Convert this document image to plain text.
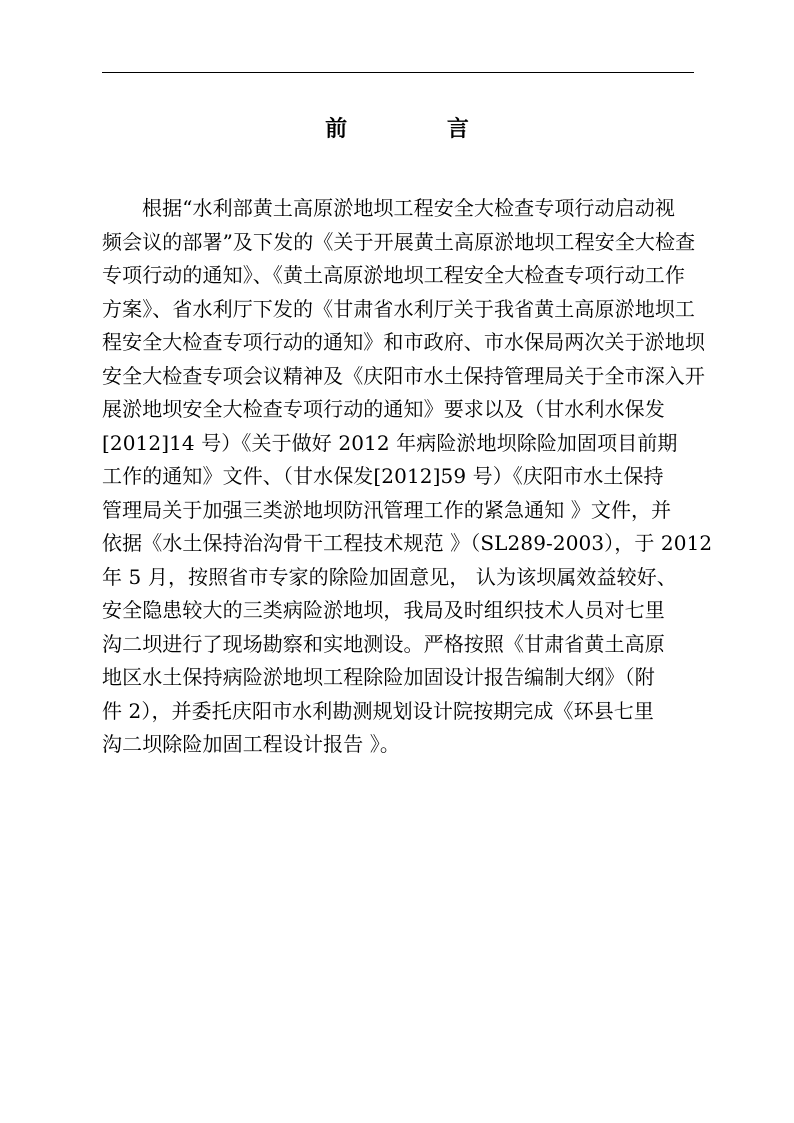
前 言
根据“水利部黄土高原淤地坝工程安全大检查专项行动启动视
频会议的部署”及下发的《关于开展黄土高原淤地坝工程安全大检查
专项行动的通知》、《黄土高原淤地坝工程安全大检查专项行动工作
方案》、省水利厅下发的《甘肃省水利厅关于我省黄土高原淤地坝工
程安全大检查专项行动的通知》和市政府、市水保局两次关于淤地坝
安全大检查专项会议精神及《庆阳市水土保持管理局关于全市深入开
展淤地坝安全大检查专项行动的通知》要求以及（甘水利水保发
[2012]14 号）《关于做好 2012 年病险淤地坝除险加固项目前期
工作的通知》文件、（甘水保发[2012]59 号）《庆阳市水土保持
管理局关于加强三类淤地坝防汛管理工作的紧急通知 》文件，并
依据《水土保持治沟骨干工程技术规范 》（SL289-2003），于 2012
年 5 月，按照省市专家的除险加固意见， 认为该坝属效益较好、
安全隐患较大的三类病险淤地坝，我局及时组织技术人员对七里
沟二坝进行了现场勘察和实地测设。严格按照《甘肃省黄土高原
地区水土保持病险淤地坝工程除险加固设计报告编制大纲》（附
件 2），并委托庆阳市水利勘测规划设计院按期完成《环县七里
沟二坝除险加固工程设计报告 》。
